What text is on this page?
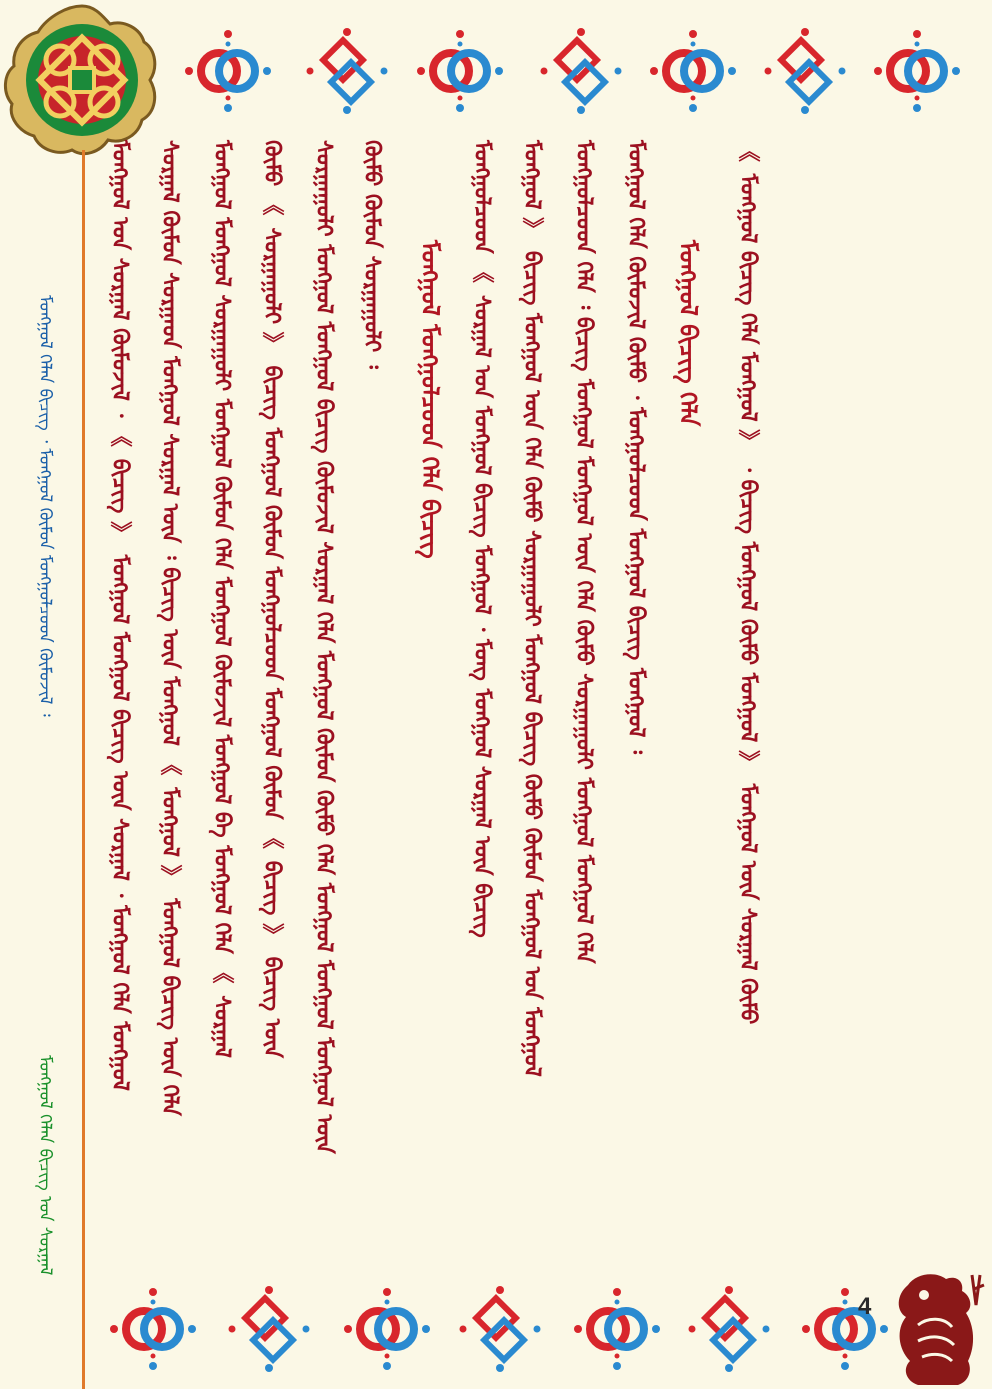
ᠮᠣᠩᠭᠣᠯ ᠬᠡᠯᠡᠨ ᠪᠢᠴᠢᠭ᠌ ᠂ ᠮᠣᠩᠭᠣᠯ ᠬᠦᠮᠦᠨ ᠮᠣᠩᠭᠣᠯᠴᠤᠳ ᠬᠦᠮᠦᠵᠢᠯ ᠄
ᠮᠣᠩᠭᠣᠯ ᠬᠡᠯᠡᠨ ᠪᠢᠴᠢᠭ ᠤᠨ ᠰᠤᠷᠭᠠᠯ
ᠮᠣᠩᠭᠣᠯ ᠤᠨ ᠰᠤᠷᠭᠠᠯ ᠬᠦᠮᠦᠵᠢᠯ ᠂ 《 ᠪᠢᠴᠢᠭ 》 ᠮᠣᠩᠭᠣᠯ ᠮᠣᠩᠭᠣᠯ ᠪᠢᠴᠢᠭ ᠦᠨ ᠰᠤᠷᠭᠠᠯ ᠂ ᠮᠣᠩᠭᠣᠯ ᠬᠡᠯᠡ ᠮᠣᠩᠭᠣᠯ ᠰᠤᠷᠭᠠᠯ ᠬᠦᠮᠦᠨ ᠰᠤᠷᠭᠠᠳ ᠮᠣᠩᠭᠣᠯ ᠰᠤᠷᠭᠠᠯ ᠦᠨ ᠄ ᠪᠢᠴᠢᠭ ᠦᠨ ᠮᠣᠩᠭᠣᠯ 《 ᠮᠣᠩᠭᠣᠯ 》 ᠮᠣᠩᠭᠣᠯ ᠪᠢᠴᠢᠭ ᠦᠨ ᠬᠡᠯᠡ ᠮᠣᠩᠭᠣᠯ ᠮᠣᠩᠭᠣᠯ ᠰᠤᠷᠭᠠᠭᠤᠯᠢ ᠮᠣᠩᠭᠣᠯ ᠬᠦᠮᠦᠨ ᠬᠡᠯᠡ ᠮᠣᠩᠭᠣᠯ ᠬᠦᠮᠦᠵᠢᠯ ᠮᠣᠩᠭᠣᠯ ᠪᠠ ᠮᠣᠩᠭᠣᠯ ᠬᠡᠯᠡ 《 ᠰᠤᠷᠭᠠᠯ ᠬᠦᠮᠦ 《 ᠰᠤᠷᠭᠠᠭᠤᠯᠢ 》 ᠪᠢᠴᠢᠭ ᠮᠣᠩᠭᠣᠯ ᠬᠦᠮᠦᠨ ᠮᠣᠩᠭᠣᠯᠴᠤᠳ ᠮᠣᠩᠭᠣᠯ ᠬᠦᠮᠦᠨ 《 ᠪᠢᠴᠢᠭ 》 ᠪᠢᠴᠢᠭ ᠦᠨ ᠰᠤᠷᠭᠠᠭᠤᠯᠢ ᠮᠣᠩᠭᠣᠯ ᠮᠣᠩᠭᠣᠯ ᠪᠢᠴᠢᠭ ᠬᠦᠮᠦᠵᠢᠯ ᠰᠤᠷᠭᠠᠯ ᠬᠡᠯᠡ ᠮᠣᠩᠭᠣᠯ ᠬᠦᠮᠦᠨ ᠬᠦᠮᠦ ᠬᠡᠯᠡ ᠮᠣᠩᠭᠣᠯ ᠮᠣᠩᠭᠣᠯ ᠮᠣᠩᠭᠣᠯ ᠦᠨ ᠬᠦᠮᠦ ᠬᠦᠮᠦᠨ ᠰᠤᠷᠭᠠᠭᠤᠯᠢ ᠄ ᠮᠣᠩᠭᠣᠯ ᠮᠣᠩᠭᠣᠯᠴᠤᠳ ᠬᠡᠯᠡ ᠪᠢᠴᠢᠭ ᠮᠣᠩᠭᠣᠯᠴᠤᠳ 《 ᠰᠤᠷᠭᠠᠯ ᠤᠨ ᠮᠣᠩᠭᠣᠯ ᠪᠢᠴᠢᠭ ᠮᠣᠩᠭᠣᠯ ᠂ ᠮᠣᠩ ᠮᠣᠩᠭᠣᠯ ᠰᠤᠷᠭᠠᠯ ᠦᠨ ᠪᠢᠴᠢᠭ ᠮᠣᠩᠭᠣᠯ 》 ᠪᠢᠴᠢᠭ ᠮᠣᠩᠭᠣᠯ ᠦᠨ ᠬᠡᠯᠡ ᠬᠦᠮᠦ ᠰᠤᠷᠭᠠᠭᠤᠯᠢ ᠮᠣᠩᠭᠣᠯ ᠪᠢᠴᠢᠭ ᠬᠦᠮᠦ ᠬᠦᠮᠦᠨ ᠮᠣᠩᠭᠣᠯ ᠤᠨ ᠮᠣᠩᠭᠣᠯ ᠮᠣᠩᠭᠣᠯᠴᠤᠳ ᠬᠡᠯᠡ ᠄ ᠪᠢᠴᠢᠭ ᠮᠣᠩᠭᠣᠯ ᠮᠣᠩᠭᠣᠯ ᠦᠨ ᠬᠡᠯᠡ ᠬᠦᠮᠦ ᠰᠤᠷᠭᠠᠭᠤᠯᠢ ᠮᠣᠩᠭᠣᠯ ᠮᠣᠩᠭᠣᠯ ᠬᠡᠯᠡ ᠮᠣᠩᠭᠣᠯ ᠬᠡᠯᠡ ᠬᠦᠮᠦᠵᠢᠯ ᠬᠦᠮᠦ ᠂ ᠮᠣᠩᠭᠣᠯᠴᠤᠳ ᠮᠣᠩᠭᠣᠯ ᠪᠢᠴᠢᠭ ᠮᠣᠩᠭᠣᠯ ᠄ ᠮᠣᠩᠭᠣᠯ ᠪᠢᠴᠢᠭ ᠬᠡᠯᠡ 《 ᠮᠣᠩᠭᠣᠯ ᠪᠢᠴᠢᠭ ᠬᠡᠯᠡ ᠮᠣᠩᠭᠣᠯ 》 ᠂ ᠪᠢᠴᠢᠭ ᠮᠣᠩᠭᠣᠯ ᠬᠦᠮᠦ ᠮᠣᠩᠭᠣᠯ 》 ᠮᠣᠩᠭᠣᠯ ᠦᠨ ᠰᠤᠷᠭᠠᠯ ᠬᠦᠮᠦ
4
